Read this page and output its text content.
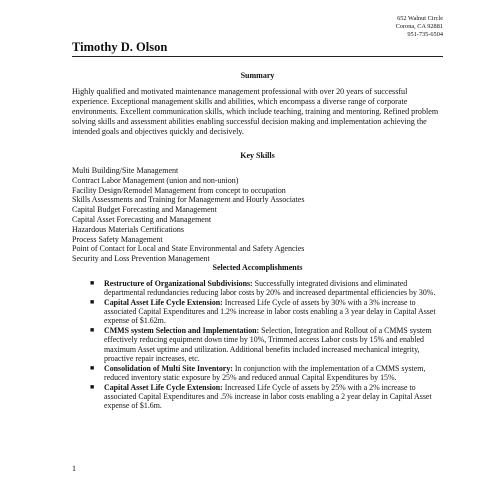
652 Walnut Circle
Corona, CA 92881
951-735-6504
Timothy D. Olson
Summary
Highly qualified and motivated maintenance management professional with over 20 years of successful experience. Exceptional management skills and abilities, which encompass a diverse range of corporate environments. Excellent communication skills, which include teaching, training and mentoring. Refined problem solving skills and assessment abilities enabling successful decision making and implementation achieving the intended goals and objectives quickly and decisively.
Key Skills
Multi Building/Site Management
Contract Labor Management (union and non-union)
Facility Design/Remodel Management from concept to occupation
Skills Assessments and Training for Management and Hourly Associates
Capital Budget Forecasting and Management
Capital Asset Forecasting and Management
Hazardous Materials Certifications
Process Safety Management
Point of Contact for Local and State Environmental and Safety Agencies
Security and Loss Prevention Management
Selected Accomplishments
■ Restructure of Organizational Subdivisions: Successfully integrated divisions and eliminated departmental redundancies reducing labor costs by 20% and increased departmental efficiencies by 30%.
■ Capital Asset Life Cycle Extension: Increased Life Cycle of assets by 30% with a 3% increase to associated Capital Expenditures and 1.2% increase in labor costs enabling a 3 year delay in Capital Asset expense of $1.62m.
■ CMMS system Selection and Implementation: Selection, Integration and Rollout of a CMMS system effectively reducing equipment down time by 10%, Trimmed access Labor costs by 15% and enabled maximum Asset uptime and utilization. Additional benefits included increased mechanical integrity, proactive repair increases, etc.
■ Consolidation of Multi Site Inventory: In conjunction with the implementation of a CMMS system, reduced inventory static exposure by 25% and reduced annual Capital Expenditures by 15%.
■ Capital Asset Life Cycle Extension: Increased Life Cycle of assets by 25% with a 2% increase to associated Capital Expenditures and .5% increase in labor costs enabling a 2 year delay in Capital Asset expense of $1.6m.
1
